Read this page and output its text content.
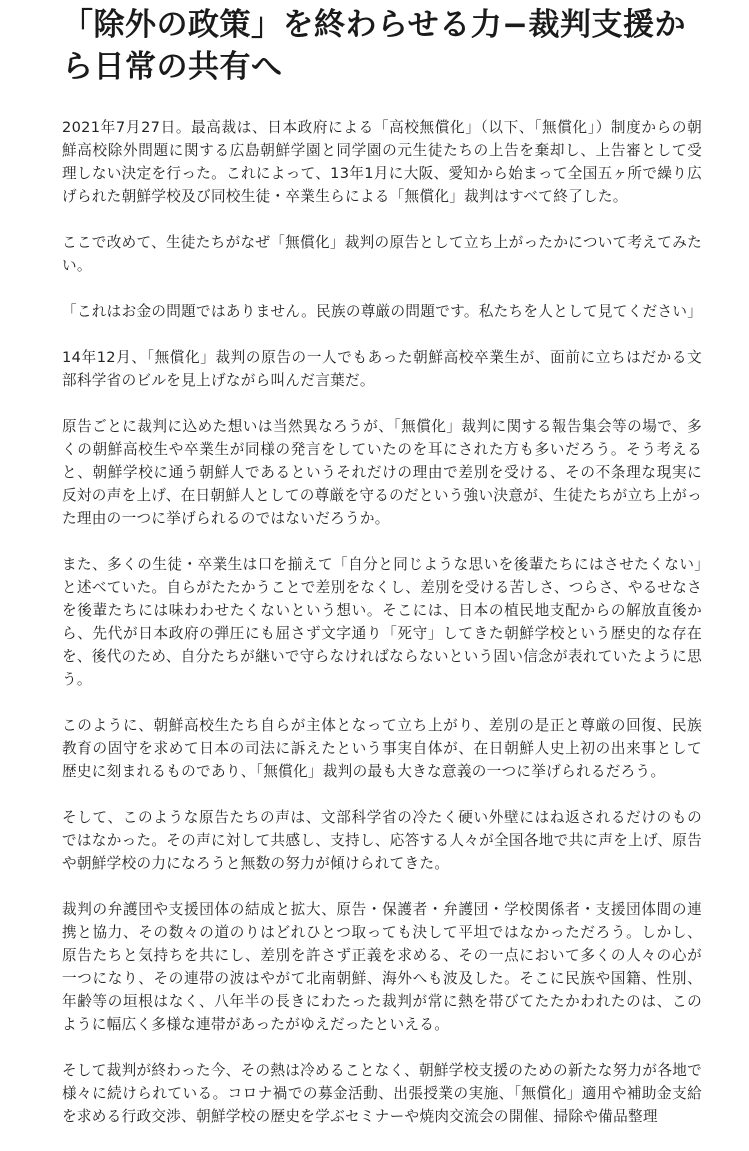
「除外の政策」を終わらせる力−裁判支援から日常の共有へ

2021年7月27日。最高裁は、日本政府による「高校無償化」（以下、「無償化」）制度からの朝鮮高校除外問題に関する広島朝鮮学園と同学園の元生徒たちの上告を棄却し、上告審として受理しない決定を行った。これによって、13年1月に大阪、愛知から始まって全国五ヶ所で繰り広げられた朝鮮学校及び同校生徒・卒業生らによる「無償化」裁判はすべて終了した。

ここで改めて、生徒たちがなぜ「無償化」裁判の原告として立ち上がったかについて考えてみたい。

「これはお金の問題ではありません。民族の尊厳の問題です。私たちを人として見てください」

14年12月、「無償化」裁判の原告の一人でもあった朝鮮高校卒業生が、面前に立ちはだかる文部科学省のビルを見上げながら叫んだ言葉だ。

原告ごとに裁判に込めた想いは当然異なろうが、「無償化」裁判に関する報告集会等の場で、多くの朝鮮高校生や卒業生が同様の発言をしていたのを耳にされた方も多いだろう。そう考えると、朝鮮学校に通う朝鮮人であるというそれだけの理由で差別を受ける、その不条理な現実に反対の声を上げ、在日朝鮮人としての尊厳を守るのだという強い決意が、生徒たちが立ち上がった理由の一つに挙げられるのではないだろうか。

また、多くの生徒・卒業生は口を揃えて「自分と同じような思いを後輩たちにはさせたくない」と述べていた。自らがたたかうことで差別をなくし、差別を受ける苦しさ、つらさ、やるせなさを後輩たちには味わわせたくないという想い。そこには、日本の植民地支配からの解放直後から、先代が日本政府の弾圧にも屈さず文字通り「死守」してきた朝鮮学校という歴史的な存在を、後代のため、自分たちが継いで守らなければならないという固い信念が表れていたように思う。

このように、朝鮮高校生たち自らが主体となって立ち上がり、差別の是正と尊厳の回復、民族教育の固守を求めて日本の司法に訴えたという事実自体が、在日朝鮮人史上初の出来事として歴史に刻まれるものであり、「無償化」裁判の最も大きな意義の一つに挙げられるだろう。

そして、このような原告たちの声は、文部科学省の冷たく硬い外壁にはね返されるだけのものではなかった。その声に対して共感し、支持し、応答する人々が全国各地で共に声を上げ、原告や朝鮮学校の力になろうと無数の努力が傾けられてきた。

裁判の弁護団や支援団体の結成と拡大、原告・保護者・弁護団・学校関係者・支援団体間の連携と協力、その数々の道のりはどれひとつ取っても決して平坦ではなかっただろう。しかし、原告たちと気持ちを共にし、差別を許さず正義を求める、その一点において多くの人々の心が一つになり、その連帯の波はやがて北南朝鮮、海外へも波及した。そこに民族や国籍、性別、年齢等の垣根はなく、八年半の長きにわたった裁判が常に熱を帯びてたたかわれたのは、このように幅広く多様な連帯があったがゆえだったといえる。

そして裁判が終わった今、その熱は冷めることなく、朝鮮学校支援のための新たな努力が各地で様々に続けられている。コロナ禍での募金活動、出張授業の実施、「無償化」適用や補助金支給を求める行政交渉、朝鮮学校の歴史を学ぶセミナーや焼肉交流会の開催、掃除や備品整理
